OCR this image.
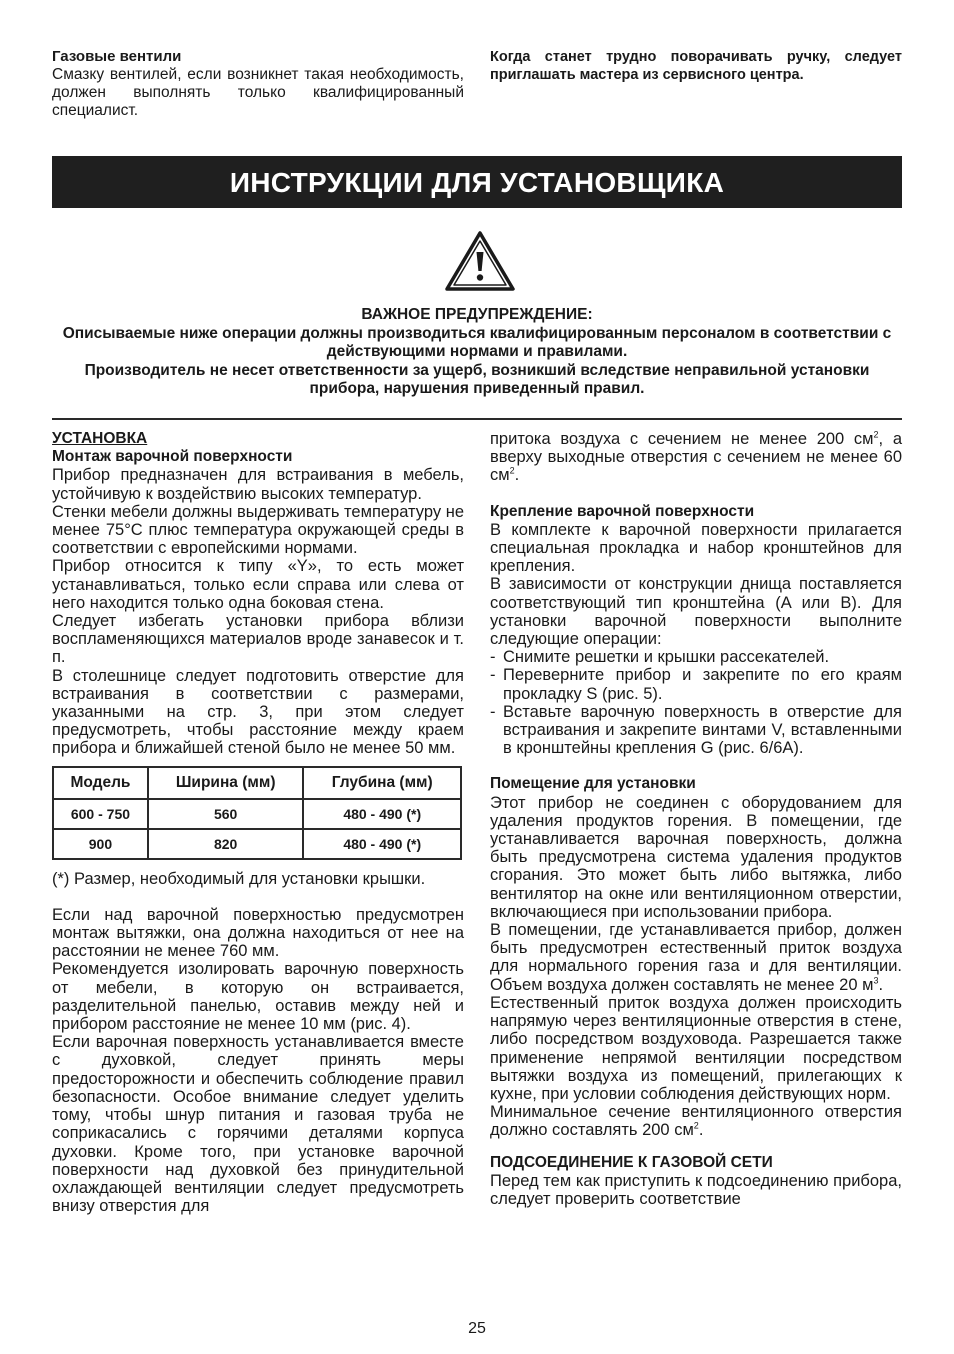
Газовые вентили
Смазку вентилей, если возникнет такая необходимость, должен выполнять только квалифицированный специалист.
Когда станет трудно поворачивать ручку, следует приглашать мастера из сервисного центра.
ИНСТРУКЦИИ ДЛЯ УСТАНОВЩИКА
ВАЖНОЕ ПРЕДУПРЕЖДЕНИЕ:
Описываемые ниже операции должны производиться квалифицированным персоналом в соответствии с действующими нормами и правилами.
Производитель не несет ответственности за ущерб, возникший вследствие неправильной установки прибора, нарушения приведенный правил.
УСТАНОВКА
Монтаж варочной поверхности

Прибор предназначен для встраивания в мебель, устойчивую к воздействию высоких температур.

Стенки мебели должны выдерживать температуру не менее 75°C плюс температура окружающей среды в соответствии с европейскими нормами.

Прибор относится к типу «Y», то есть может устанавливаться, только если справа или слева от него находится только одна боковая стена.

Следует избегать установки прибора вблизи воспламеняющихся материалов вроде занавесок и т. п.

В столешнице следует подготовить отверстие для встраивания в соответствии с размерами, указанными на стр. 3, при этом следует предусмотреть, чтобы расстояние между краем прибора и ближайшей стеной было не менее 50 мм.

Модель	Ширина (мм)	Глубина (мм)
600 - 750	560	480 - 490 (*)
900	820	480 - 490 (*)

(*) Размер, необходимый для установки крышки.

Если над варочной поверхностью предусмотрен монтаж вытяжки, она должна находиться от нее на расстоянии не менее 760 мм.

Рекомендуется изолировать варочную поверхность от мебели, в которую он встраивается, разделительной панелью, оставив между ней и прибором расстояние не менее 10 мм (рис. 4).

Если варочная поверхность устанавливается вместе с духовкой, следует принять меры предосторожности и обеспечить соблюдение правил безопасности. Особое внимание следует уделить тому, чтобы шнур питания и газовая труба не соприкасались с горячими деталями корпуса духовки. Кроме того, при установке варочной поверхности над духовкой без принудительной охлаждающей вентиляции следует предусмотреть внизу отверстия для

притока воздуха с сечением не менее 200 $см^2$, а вверху выходные отверстия с сечением не менее 60 $см^2$.

Крепление варочной поверхности

В комплекте к варочной поверхности прилагается специальная прокладка и набор кронштейнов для крепления.

В зависимости от конструкции днища поставляется соответствующий тип кронштейна (A или B). Для установки варочной поверхности выполните следующие операции:

- Снимите решетки и крышки рассекателей.
- Переверните прибор и закрепите по его краям прокладку S (рис. 5).
- Вставьте варочную поверхность в отверстие для встраивания и закрепите винтами V, вставленными в кронштейны крепления G (рис. 6/6A).
Помещение для установки

Этот прибор не соединен с оборудованием для удаления продуктов горения. В помещении, где устанавливается варочная поверхность, должна быть предусмотрена система удаления продуктов сгорания. Это может быть либо вытяжка, либо вентилятор на окне или вентиляционном отверстии, включающиеся при использовании прибора.

В помещении, где устанавливается прибор, должен быть предусмотрен естественный приток воздуха для нормального горения газа и для вентиляции. Объем воздуха должен составлять не менее 20 $м^3$.

Естественный приток воздуха должен происходить напрямую через вентиляционные отверстия в стене, либо посредством воздуховода. Разрешается также применение непрямой вентиляции посредством вытяжки воздуха из помещений, прилегающих к кухне, при условии соблюдения действующих норм.

Минимальное сечение вентиляционного отверстия должно составлять 200 $см^2$.

ПОДСОЕДИНЕНИЕ К ГАЗОВОЙ СЕТИ

Перед тем как приступить к подсоединению прибора, следует проверить соответствие

25
